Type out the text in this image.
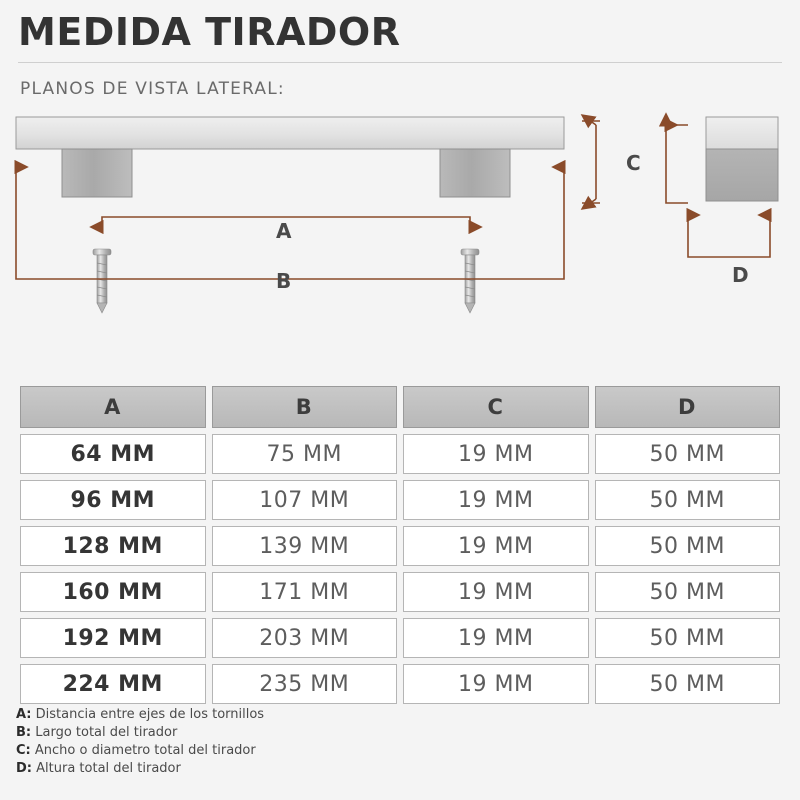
MEDIDA TIRADOR
PLANOS DE VISTA LATERAL:
A
B
C
D
A	B	C	D
64 MM	75 MM	19 MM	50 MM
96 MM	107 MM	19 MM	50 MM
128 MM	139 MM	19 MM	50 MM
160 MM	171 MM	19 MM	50 MM
192 MM	203 MM	19 MM	50 MM
224 MM	235 MM	19 MM	50 MM
A: Distancia entre ejes de los tornillos
B: Largo total del tirador
C: Ancho o diametro total del tirador
D: Altura total del tirador
